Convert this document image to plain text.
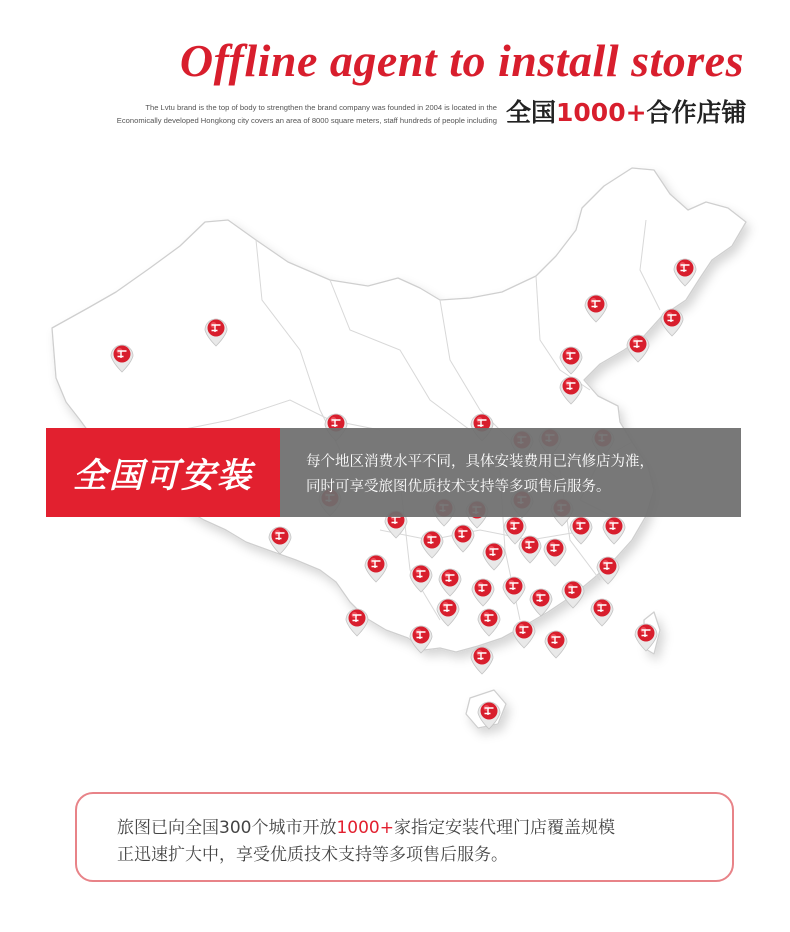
Offline agent to install stores
The Lvtu brand is the top of body to strengthen the brand company was founded in 2004 is located in the
Economically developed Hongkong city covers an area of 8000 square meters, staff hundreds of people including 全国1000+合作店铺
全国可安装	每个地区消费水平不同，具体安装费用已汽修店为准，
同时可享受旅图优质技术支持等多项售后服务。
旅图已向全国300个城市开放1000+家指定安装代理门店覆盖规模
正迅速扩大中，享受优质技术支持等多项售后服务。
